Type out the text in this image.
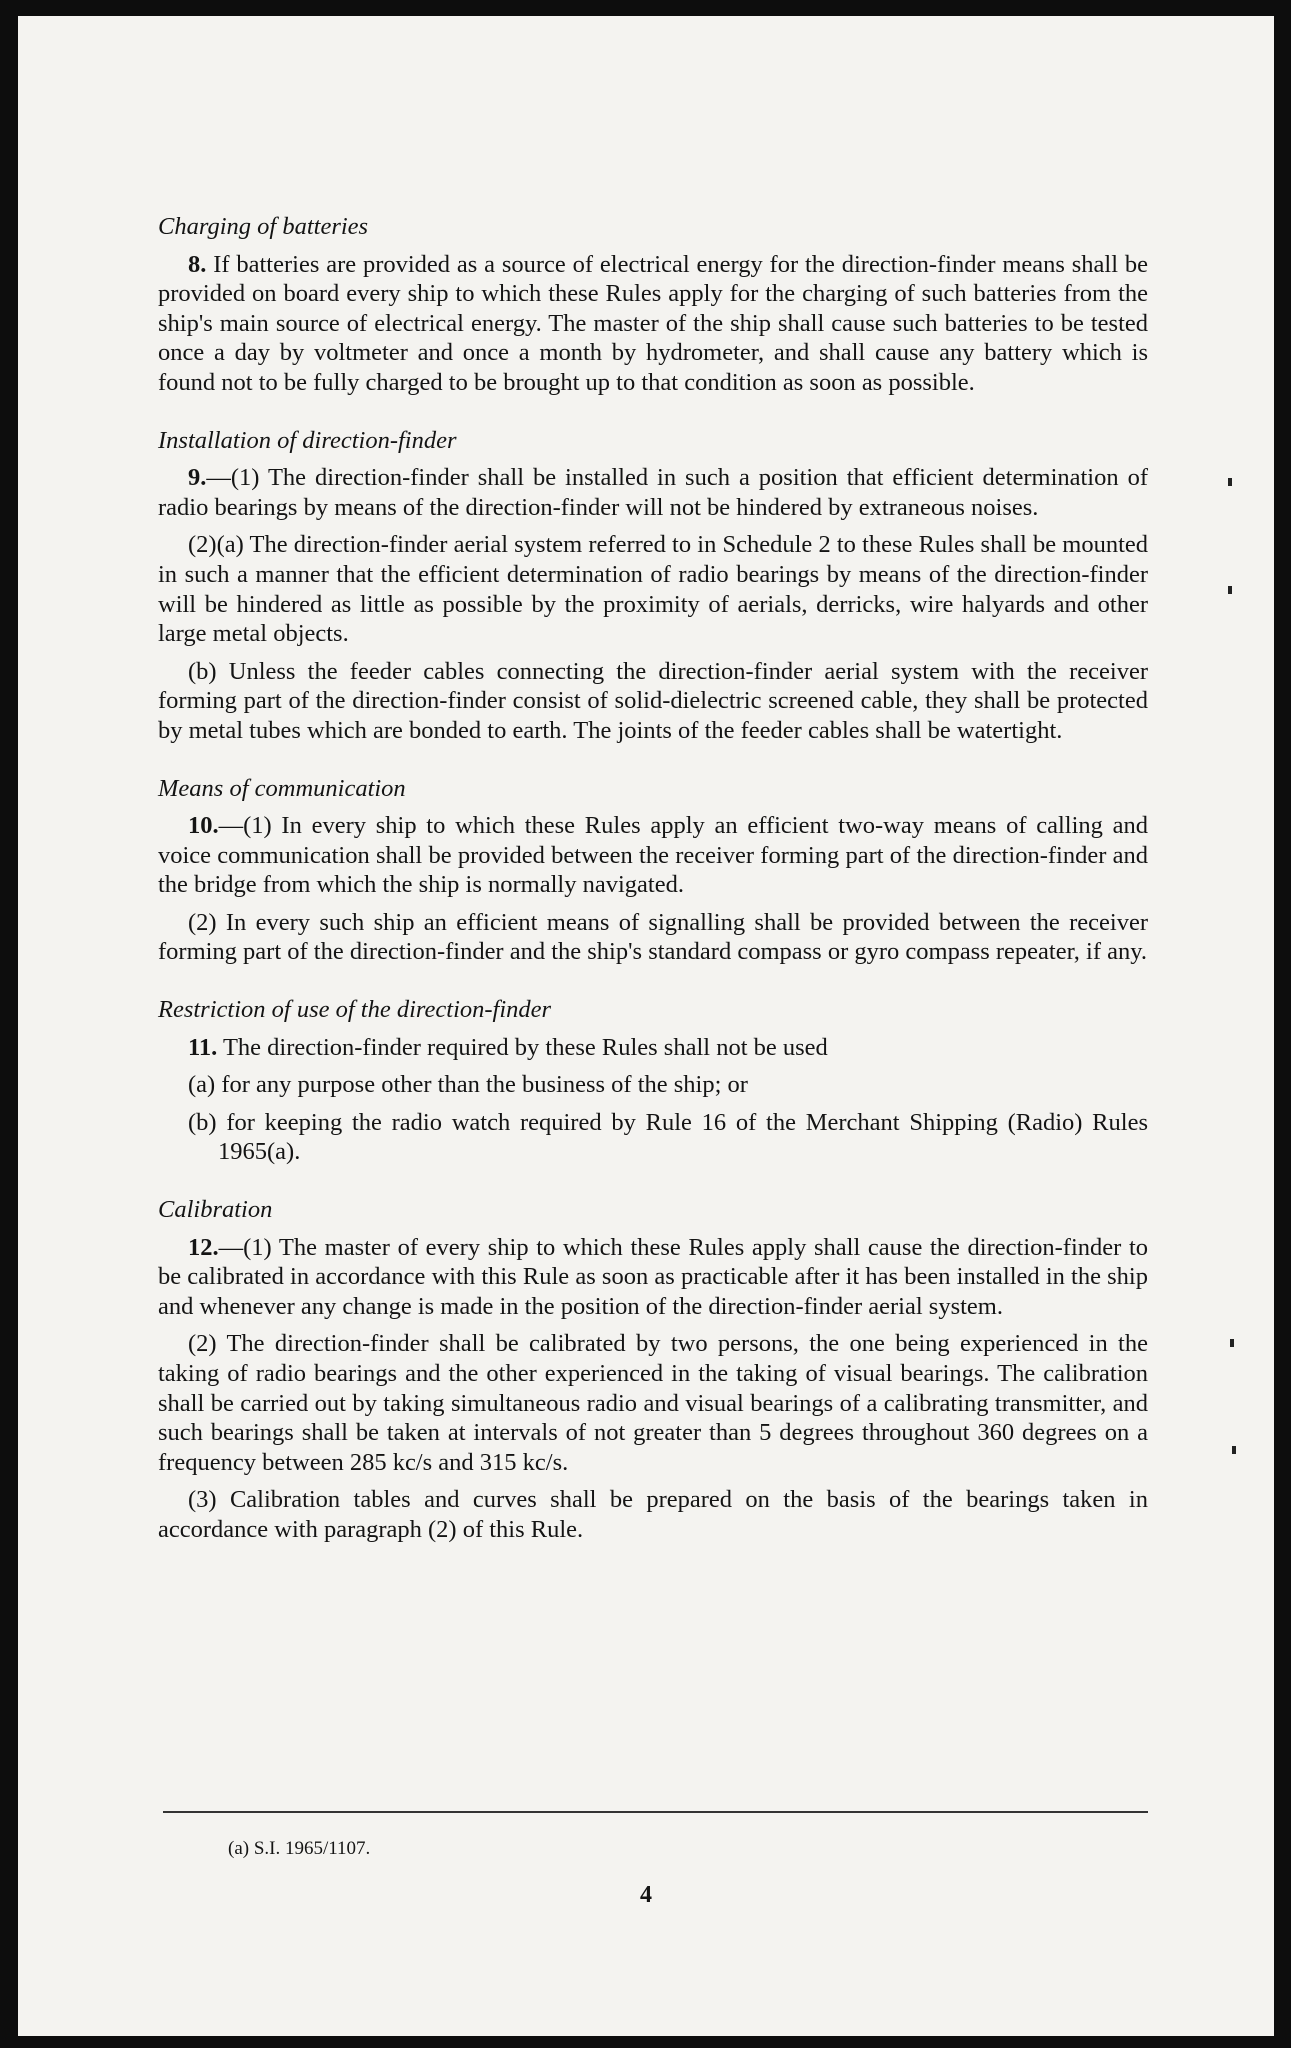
Charging of batteries

8. If batteries are provided as a source of electrical energy for the direction-finder means shall be provided on board every ship to which these Rules apply for the charging of such batteries from the ship's main source of electrical energy. The master of the ship shall cause such batteries to be tested once a day by voltmeter and once a month by hydrometer, and shall cause any battery which is found not to be fully charged to be brought up to that condition as soon as possible.

Installation of direction-finder

9.—(1) The direction-finder shall be installed in such a position that efficient determination of radio bearings by means of the direction-finder will not be hindered by extraneous noises.

(2)(a) The direction-finder aerial system referred to in Schedule 2 to these Rules shall be mounted in such a manner that the efficient determination of radio bearings by means of the direction-finder will be hindered as little as possible by the proximity of aerials, derricks, wire halyards and other large metal objects.

(b) Unless the feeder cables connecting the direction-finder aerial system with the receiver forming part of the direction-finder consist of solid-dielectric screened cable, they shall be protected by metal tubes which are bonded to earth. The joints of the feeder cables shall be watertight.

Means of communication

10.—(1) In every ship to which these Rules apply an efficient two-way means of calling and voice communication shall be provided between the receiver forming part of the direction-finder and the bridge from which the ship is normally navigated.

(2) In every such ship an efficient means of signalling shall be provided between the receiver forming part of the direction-finder and the ship's standard compass or gyro compass repeater, if any.

Restriction of use of the direction-finder

11. The direction-finder required by these Rules shall not be used

(a) for any purpose other than the business of the ship; or

(b) for keeping the radio watch required by Rule 16 of the Merchant Shipping (Radio) Rules 1965(a).

Calibration

12.—(1) The master of every ship to which these Rules apply shall cause the direction-finder to be calibrated in accordance with this Rule as soon as practicable after it has been installed in the ship and whenever any change is made in the position of the direction-finder aerial system.

(2) The direction-finder shall be calibrated by two persons, the one being experienced in the taking of radio bearings and the other experienced in the taking of visual bearings. The calibration shall be carried out by taking simultaneous radio and visual bearings of a calibrating transmitter, and such bearings shall be taken at intervals of not greater than 5 degrees throughout 360 degrees on a frequency between 285 kc/s and 315 kc/s.

(3) Calibration tables and curves shall be prepared on the basis of the bearings taken in accordance with paragraph (2) of this Rule.

(a) S.I. 1965/1107.
4
